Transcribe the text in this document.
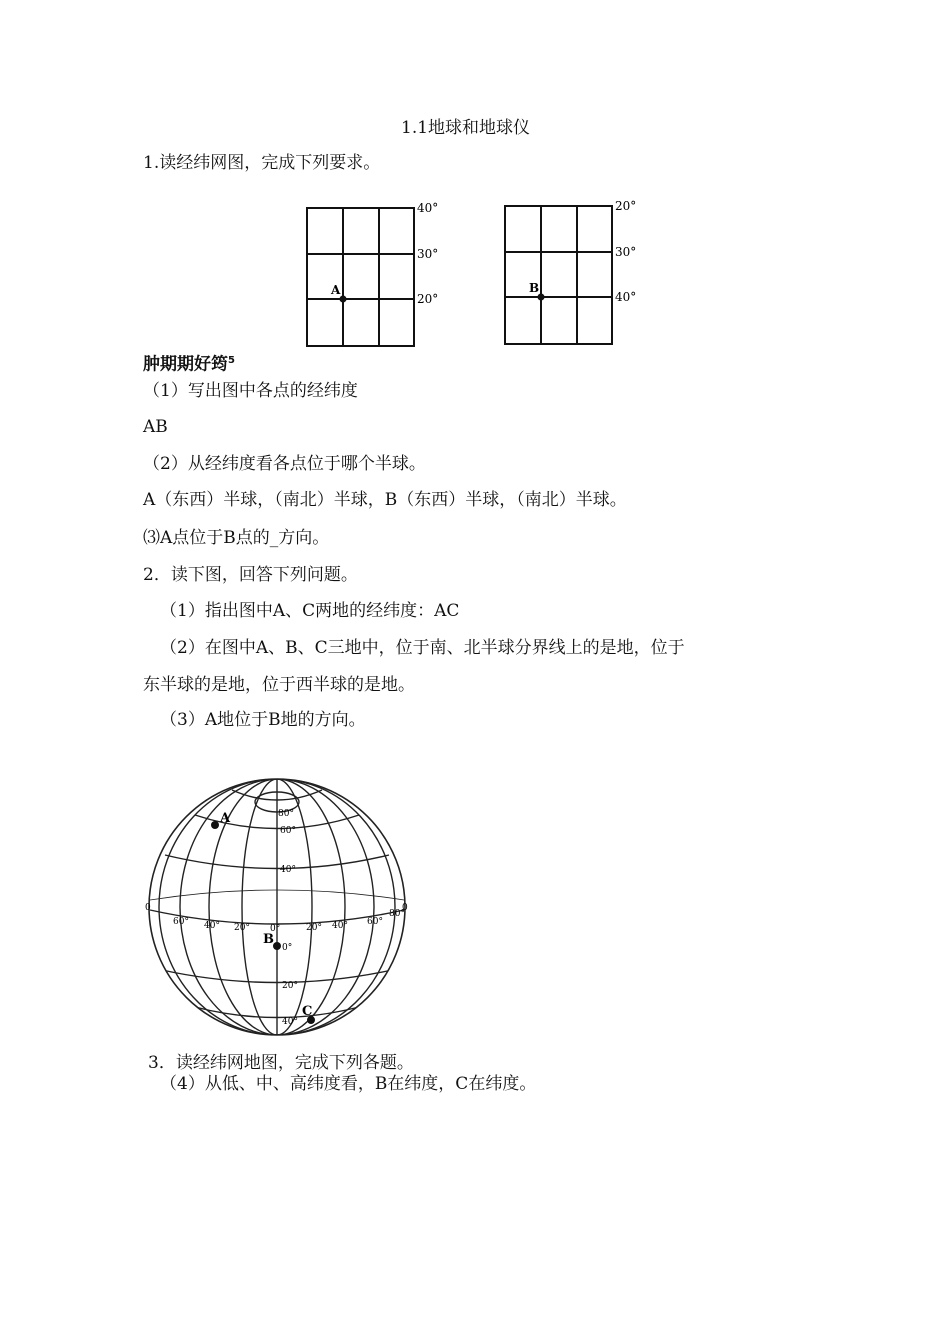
1.1地球和地球仪
1.读经纬网图，完成下列要求。
A
40°
30°
20°
B
20°
30°
40°
肿期期好筠$^5$
（1）写出图中各点的经纬度
AB
（2）从经纬度看各点位于哪个半球。
A（东西）半球，（南北）半球，B（东西）半球，（南北）半球。
⑶A点位于B点的_方向。
2．读下图，回答下列问题。
（1）指出图中A、C两地的经纬度：AC
（2）在图中A、B、C三地中，位于南、北半球分界线上的是地，位于
东半球的是地，位于西半球的是地。
（3）A地位于B地的方向。
A
B
C
80°
60°
40°
0°
20°
40°
60° 40° 20° 0°	20° 40° 60°
80°
0	0
3．读经纬网地图，完成下列各题。
（4）从低、中、高纬度看，B在纬度，C在纬度。
